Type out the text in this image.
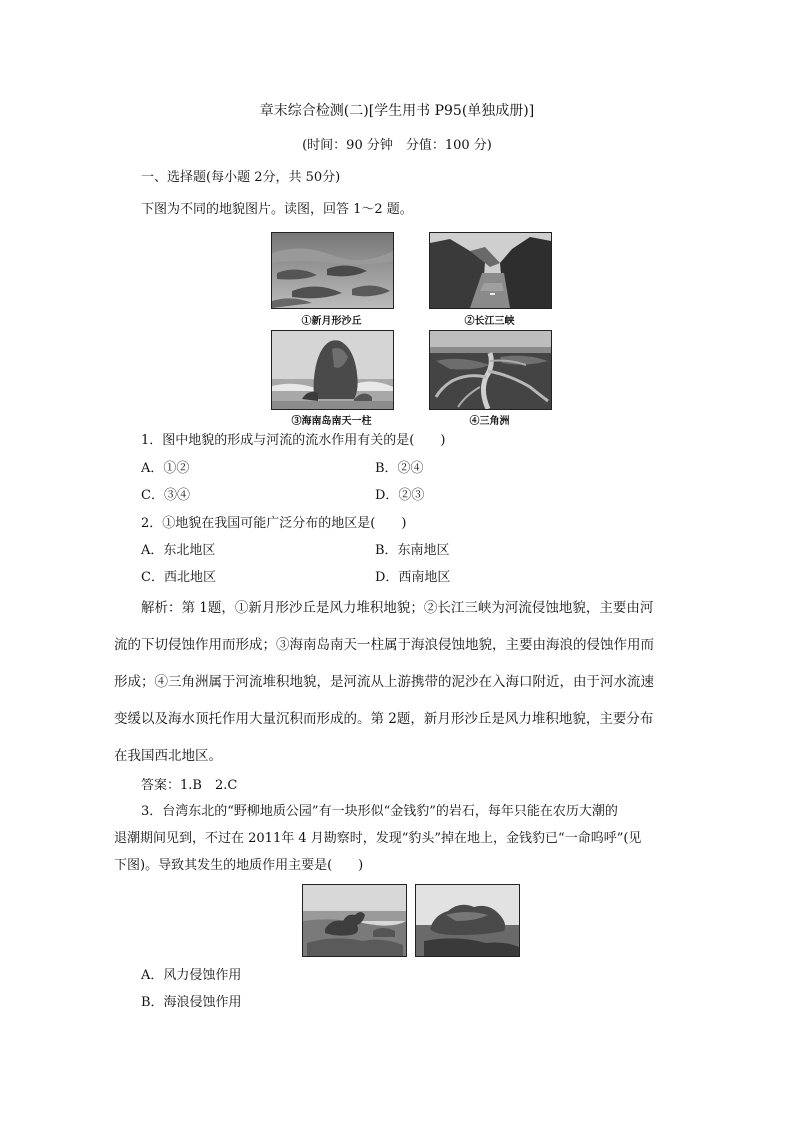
章末综合检测(二)[学生用书 P95(单独成册)]
(时间：90 分钟　分值：100 分)
一、选择题(每小题 2分，共 50分)
下图为不同的地貌图片。读图，回答 1～2 题。
①新月形沙丘	②长江三峡
③海南岛南天一柱	④三角洲
1．图中地貌的形成与河流的流水作用有关的是(　　)
A．①②	B．②④
C．③④	D．②③
2．①地貌在我国可能广泛分布的地区是(　　)
A．东北地区	B．东南地区
C．西北地区	D．西南地区
解析：第 1题，①新月形沙丘是风力堆积地貌；②长江三峡为河流侵蚀地貌，主要由河
流的下切侵蚀作用而形成；③海南岛南天一柱属于海浪侵蚀地貌，主要由海浪的侵蚀作用而
形成；④三角洲属于河流堆积地貌，是河流从上游携带的泥沙在入海口附近，由于河水流速
变缓以及海水顶托作用大量沉积而形成的。第 2题，新月形沙丘是风力堆积地貌，主要分布
在我国西北地区。
答案：1.B　2.C
3．台湾东北的“野柳地质公园”有一块形似“金钱豹”的岩石，每年只能在农历大潮的
退潮期间见到，不过在 2011年 4 月勘察时，发现“豹头”掉在地上，金钱豹已“一命呜呼”(见
下图)。导致其发生的地质作用主要是(　　)
A．风力侵蚀作用
B．海浪侵蚀作用
